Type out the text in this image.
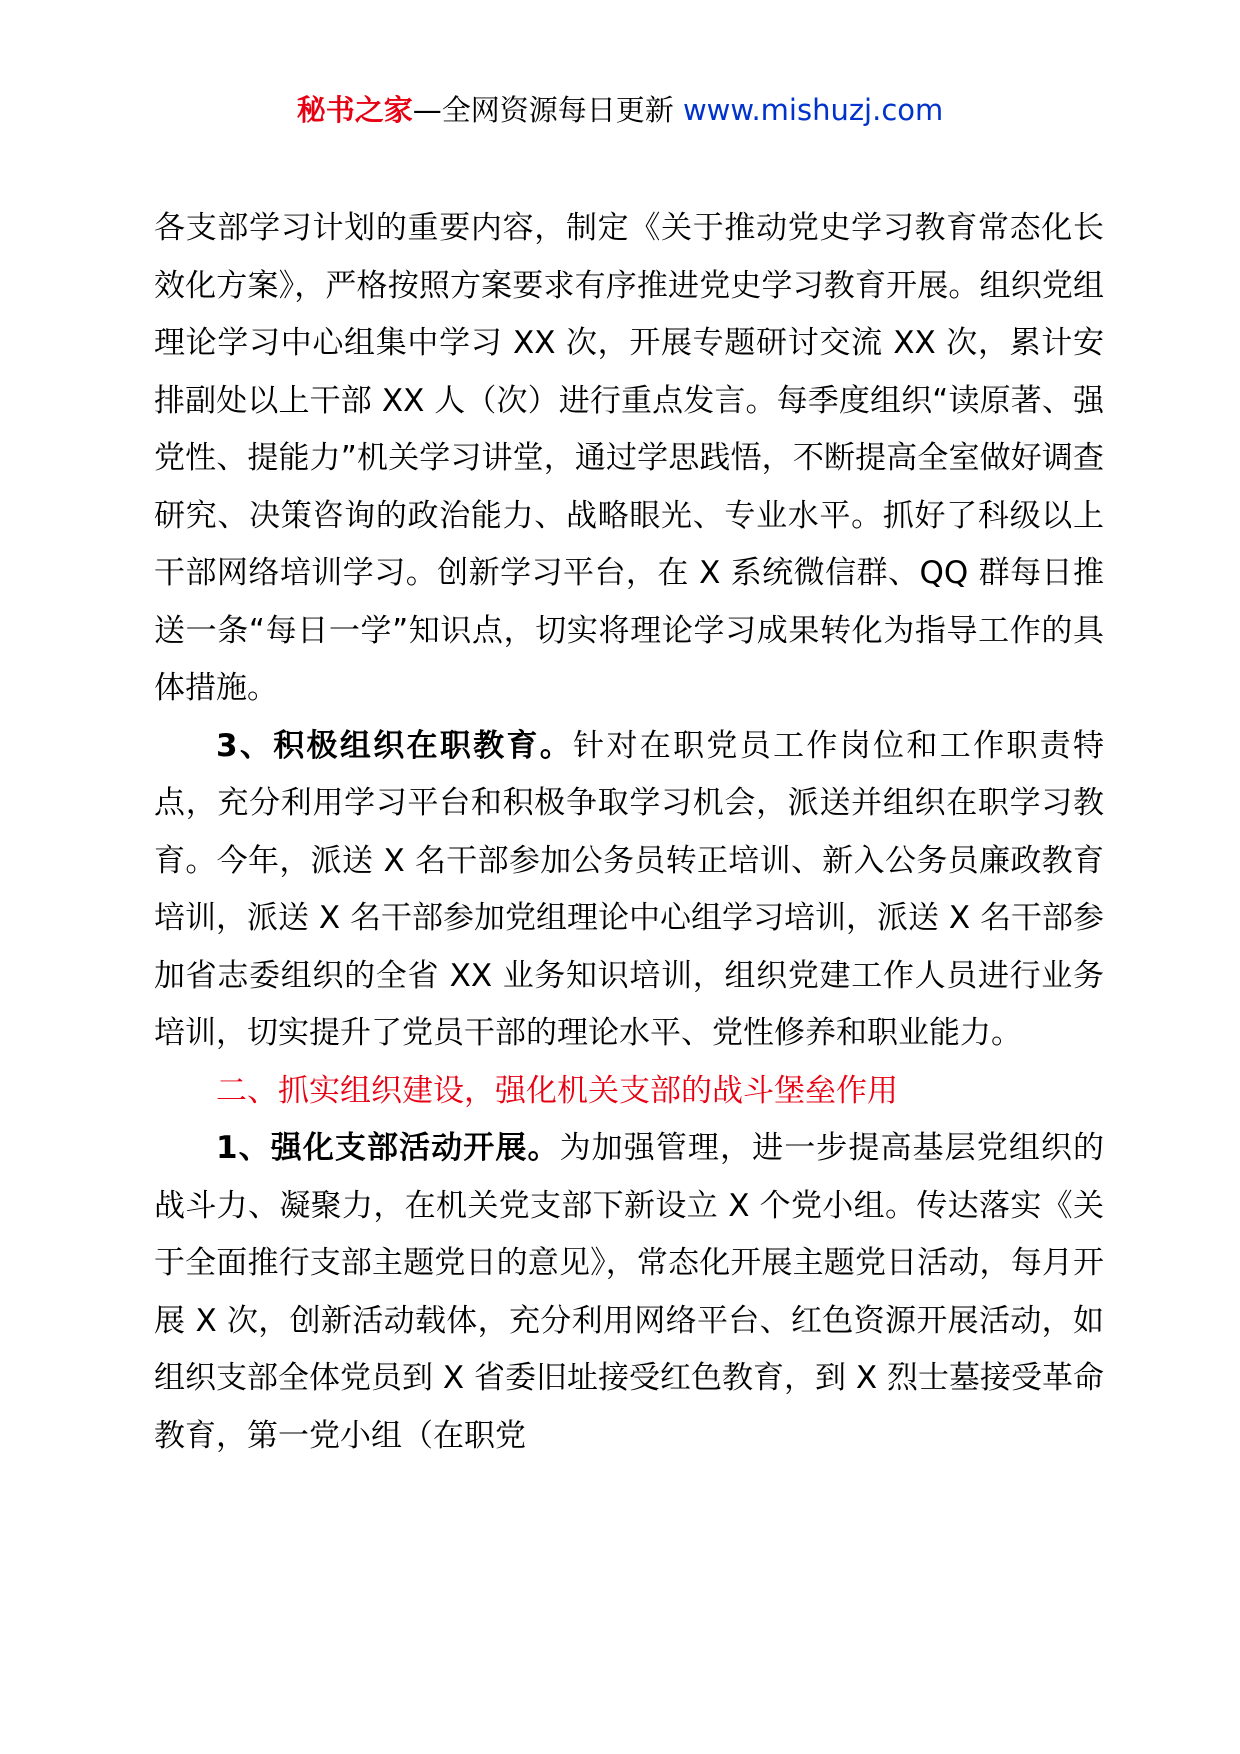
秘书之家—全网资源每日更新 www.mishuzj.com

各支部学习计划的重要内容，制定《关于推动党史学习教育常态化长效化方案》，严格按照方案要求有序推进党史学习教育开展。组织党组理论学习中心组集中学习 XX 次，开展专题研讨交流 XX 次，累计安排副处以上干部 XX 人（次）进行重点发言。每季度组织“读原著、强党性、提能力”机关学习讲堂，通过学思践悟，不断提高全室做好调查研究、决策咨询的政治能力、战略眼光、专业水平。抓好了科级以上干部网络培训学习。创新学习平台，在 X 系统微信群、QQ 群每日推送一条“每日一学”知识点，切实将理论学习成果转化为指导工作的具体措施。

3、积极组织在职教育。针对在职党员工作岗位和工作职责特点，充分利用学习平台和积极争取学习机会，派送并组织在职学习教育。今年，派送 X 名干部参加公务员转正培训、新入公务员廉政教育培训，派送 X 名干部参加党组理论中心组学习培训，派送 X 名干部参加省志委组织的全省 XX 业务知识培训，组织党建工作人员进行业务培训，切实提升了党员干部的理论水平、党性修养和职业能力。

二、抓实组织建设，强化机关支部的战斗堡垒作用

1、强化支部活动开展。为加强管理，进一步提高基层党组织的战斗力、凝聚力，在机关党支部下新设立 X 个党小组。传达落实《关于全面推行支部主题党日的意见》，常态化开展主题党日活动，每月开展 X 次，创新活动载体，充分利用网络平台、红色资源开展活动，如组织支部全体党员到 X 省委旧址接受红色教育，到 X 烈士墓接受革命教育，第一党小组（在职党
